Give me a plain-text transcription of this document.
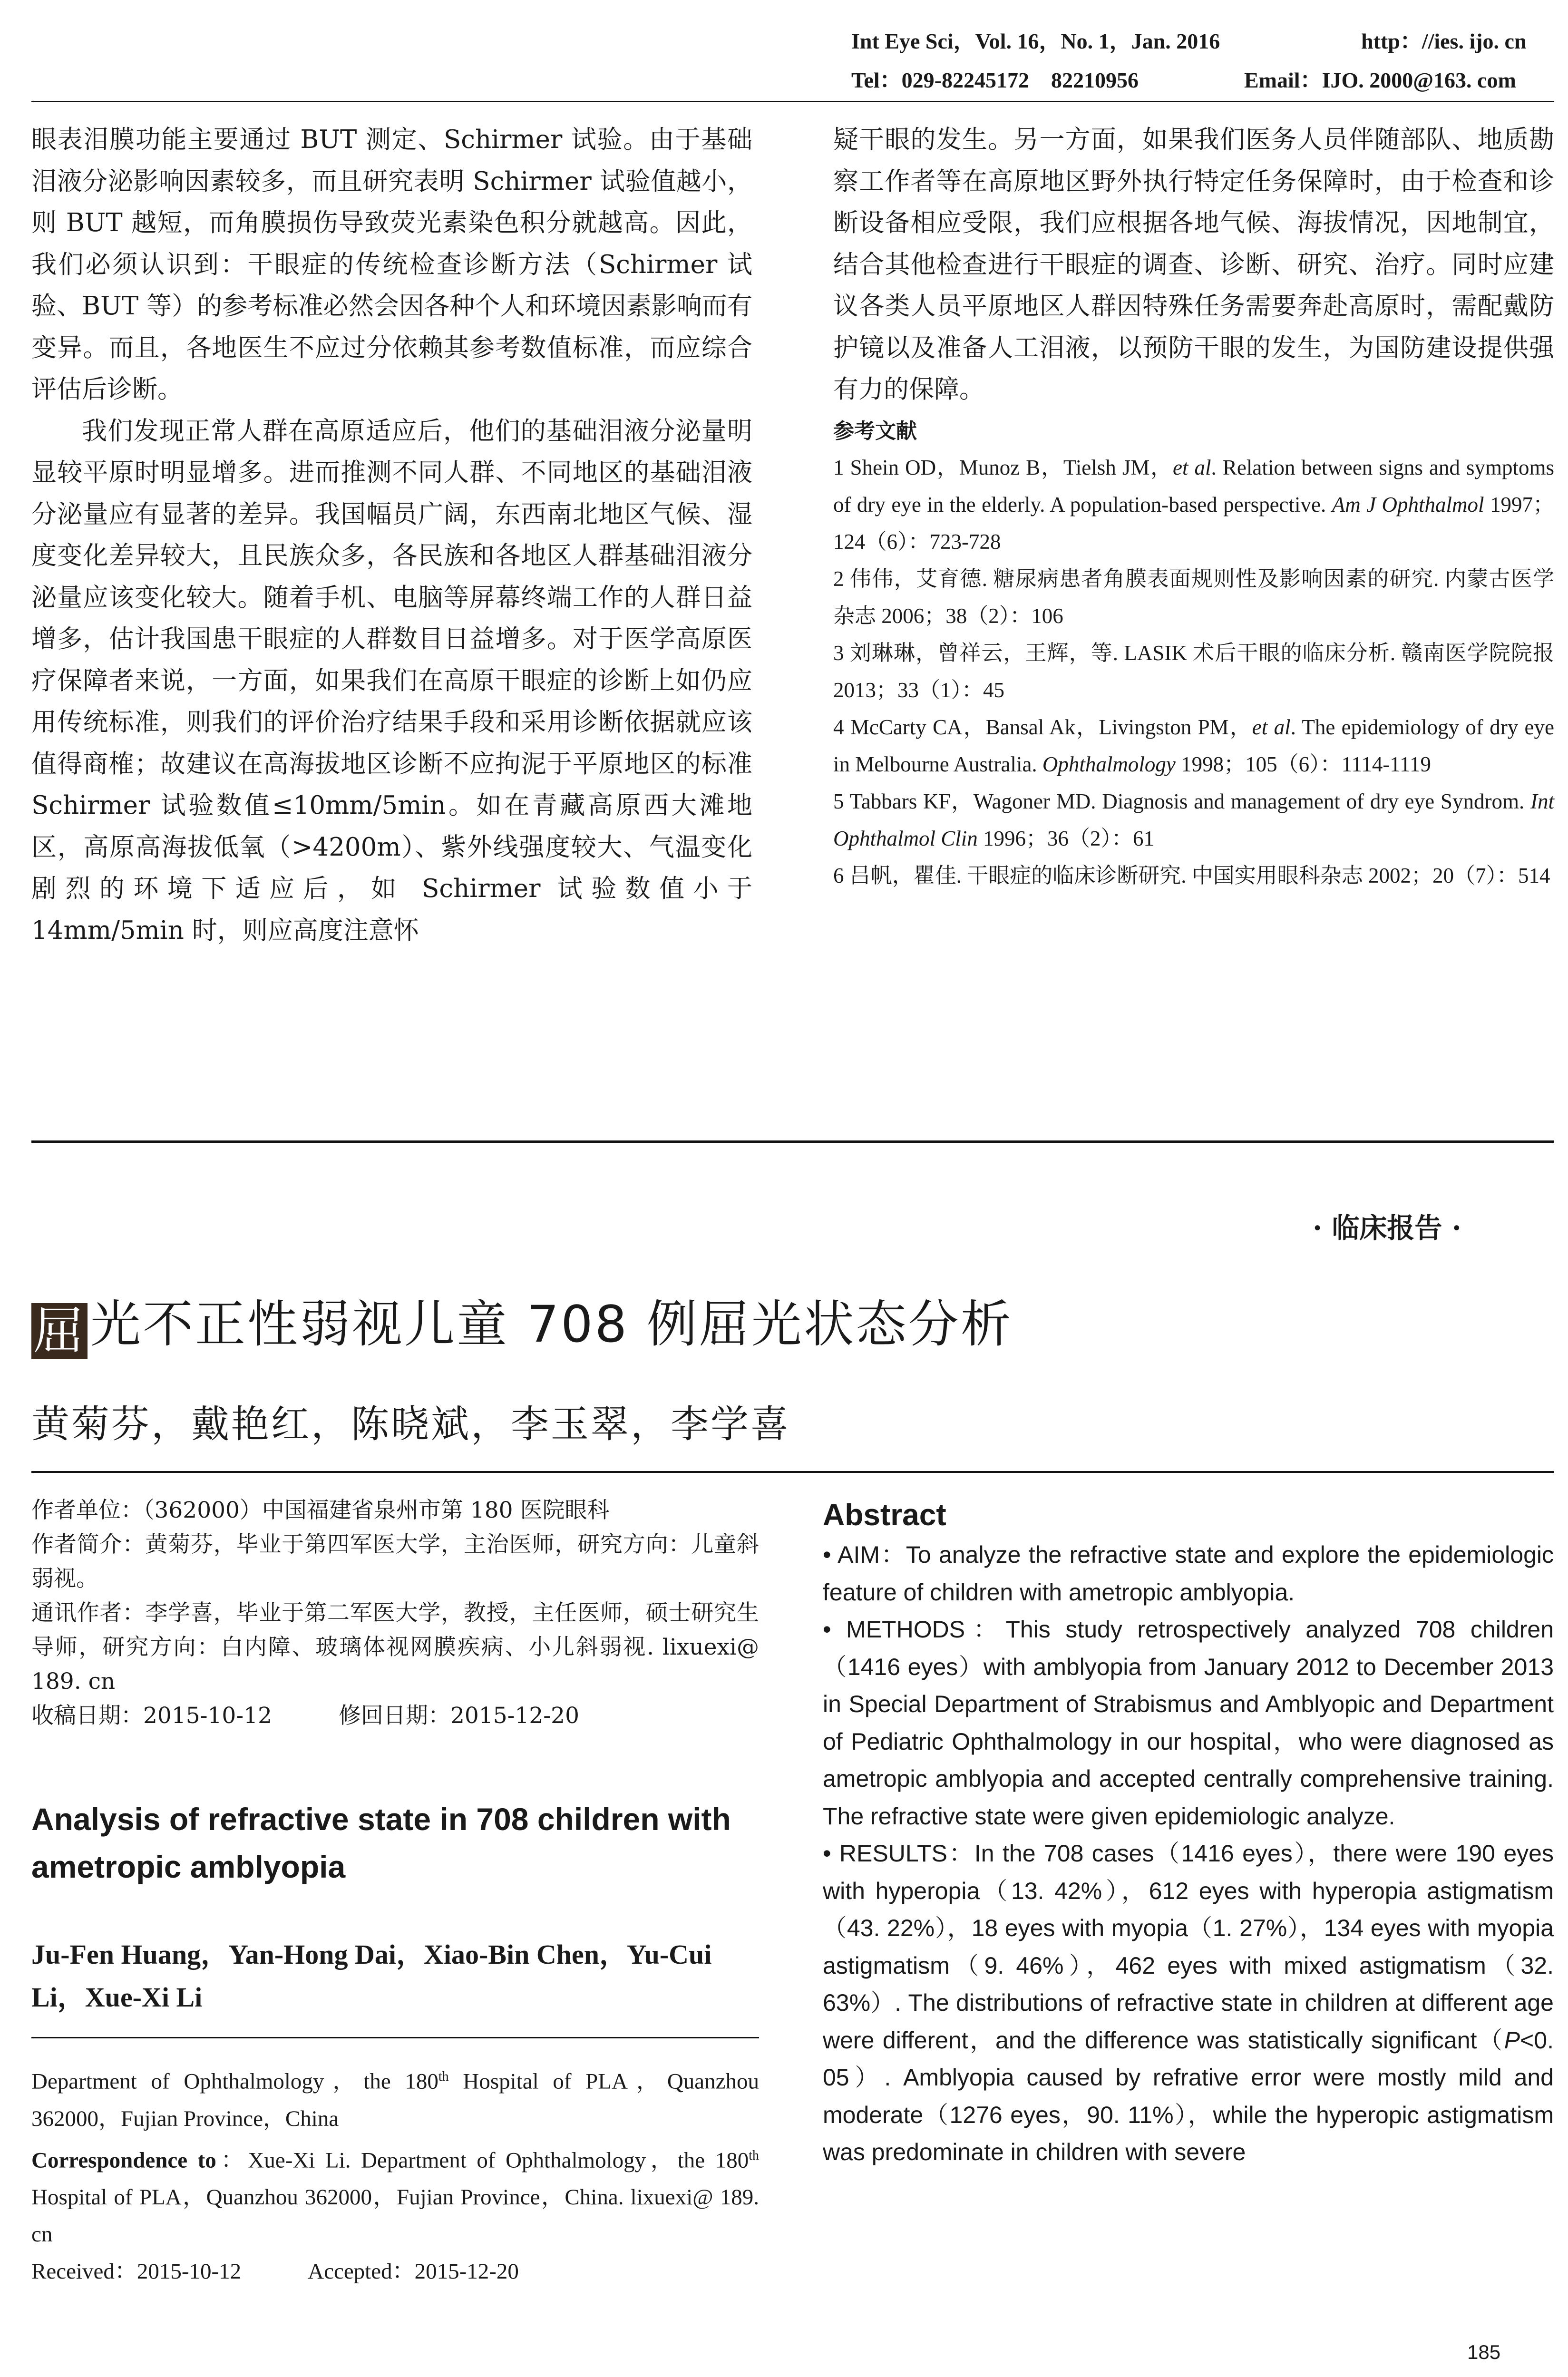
Int Eye Sci，Vol. 16，No. 1，Jan. 2016	http：//ies. ijo. cn
Tel：029-82245172　82210956	Email：IJO. 2000@163. com

眼表泪膜功能主要通过 BUT 测定、Schirmer 试验。由于基础泪液分泌影响因素较多，而且研究表明 Schirmer 试验值越小，则 BUT 越短，而角膜损伤导致荧光素染色积分就越高。因此，我们必须认识到：干眼症的传统检查诊断方法（Schirmer 试验、BUT 等）的参考标准必然会因各种个人和环境因素影响而有变异。而且，各地医生不应过分依赖其参考数值标准，而应综合评估后诊断。

我们发现正常人群在高原适应后，他们的基础泪液分泌量明显较平原时明显增多。进而推测不同人群、不同地区的基础泪液分泌量应有显著的差异。我国幅员广阔，东西南北地区气候、湿度变化差异较大，且民族众多，各民族和各地区人群基础泪液分泌量应该变化较大。随着手机、电脑等屏幕终端工作的人群日益增多，估计我国患干眼症的人群数目日益增多。对于医学高原医疗保障者来说，一方面，如果我们在高原干眼症的诊断上如仍应用传统标准，则我们的评价治疗结果手段和采用诊断依据就应该值得商榷；故建议在高海拔地区诊断不应拘泥于平原地区的标准 Schirmer 试验数值≤10mm/5min。如在青藏高原西大滩地区，高原高海拔低氧（>4200m）、紫外线强度较大、气温变化剧烈的环境下适应后，如 Schirmer 试验数值小于 14mm/5min 时，则应高度注意怀

疑干眼的发生。另一方面，如果我们医务人员伴随部队、地质勘察工作者等在高原地区野外执行特定任务保障时，由于检查和诊断设备相应受限，我们应根据各地气候、海拔情况，因地制宜，结合其他检查进行干眼症的调查、诊断、研究、治疗。同时应建议各类人员平原地区人群因特殊任务需要奔赴高原时，需配戴防护镜以及准备人工泪液，以预防干眼的发生，为国防建设提供强有力的保障。

参考文献

1 Shein OD，Munoz B，Tielsh JM，et al. Relation between signs and symptoms of dry eye in the elderly. A population-based perspective. Am J Ophthalmol 1997；124（6）：723-728

2 伟伟，艾育德. 糖尿病患者角膜表面规则性及影响因素的研究. 内蒙古医学杂志 2006；38（2）：106

3 刘琳琳，曾祥云，王辉，等. LASIK 术后干眼的临床分析. 赣南医学院院报 2013；33（1）：45

4 McCarty CA，Bansal Ak，Livingston PM，et al. The epidemiology of dry eye in Melbourne Australia. Ophthalmology 1998；105（6）：1114-1119

5 Tabbars KF，Wagoner MD. Diagnosis and management of dry eye Syndrom. Int Ophthalmol Clin 1996；36（2）：61

6 吕帆，瞿佳. 干眼症的临床诊断研究. 中国实用眼科杂志 2002；20（7）：514

· 临床报告 ·
屈光不正性弱视儿童 708 例屈光状态分析
黄菊芬，戴艳红，陈晓斌，李玉翠，李学喜

作者单位：（362000）中国福建省泉州市第 180 医院眼科

作者简介：黄菊芬，毕业于第四军医大学，主治医师，研究方向：儿童斜弱视。

通讯作者：李学喜，毕业于第二军医大学，教授，主任医师，硕士研究生导师，研究方向：白内障、玻璃体视网膜疾病、小儿斜弱视. lixuexi@ 189. cn

收稿日期：2015-10-12	修回日期：2015-12-20

Analysis of refractive state in 708 children with ametropic amblyopia

Ju-Fen Huang，Yan-Hong Dai，Xiao-Bin Chen，Yu-Cui Li，Xue-Xi Li

Department of Ophthalmology，the 180th Hospital of PLA，Quanzhou 362000，Fujian Province，China

Correspondence to：Xue-Xi Li. Department of Ophthalmology，the 180th Hospital of PLA，Quanzhou 362000，Fujian Province，China. lixuexi@ 189. cn

Received：2015-10-12	Accepted：2015-12-20

Abstract

• AIM：To analyze the refractive state and explore the epidemiologic feature of children with ametropic amblyopia.

• METHODS：This study retrospectively analyzed 708 children（1416 eyes）with amblyopia from January 2012 to December 2013 in Special Department of Strabismus and Amblyopic and Department of Pediatric Ophthalmology in our hospital，who were diagnosed as ametropic amblyopia and accepted centrally comprehensive training. The refractive state were given epidemiologic analyze.

• RESULTS：In the 708 cases（1416 eyes），there were 190 eyes with hyperopia（13. 42%），612 eyes with hyperopia astigmatism（43. 22%），18 eyes with myopia（1. 27%），134 eyes with myopia astigmatism（9. 46%），462 eyes with mixed astigmatism（32. 63%）. The distributions of refractive state in children at different age were different，and the difference was statistically significant（P<0. 05）. Amblyopia caused by refrative error were mostly mild and moderate（1276 eyes，90. 11%），while the hyperopic astigmatism was predominate in children with severe

185
